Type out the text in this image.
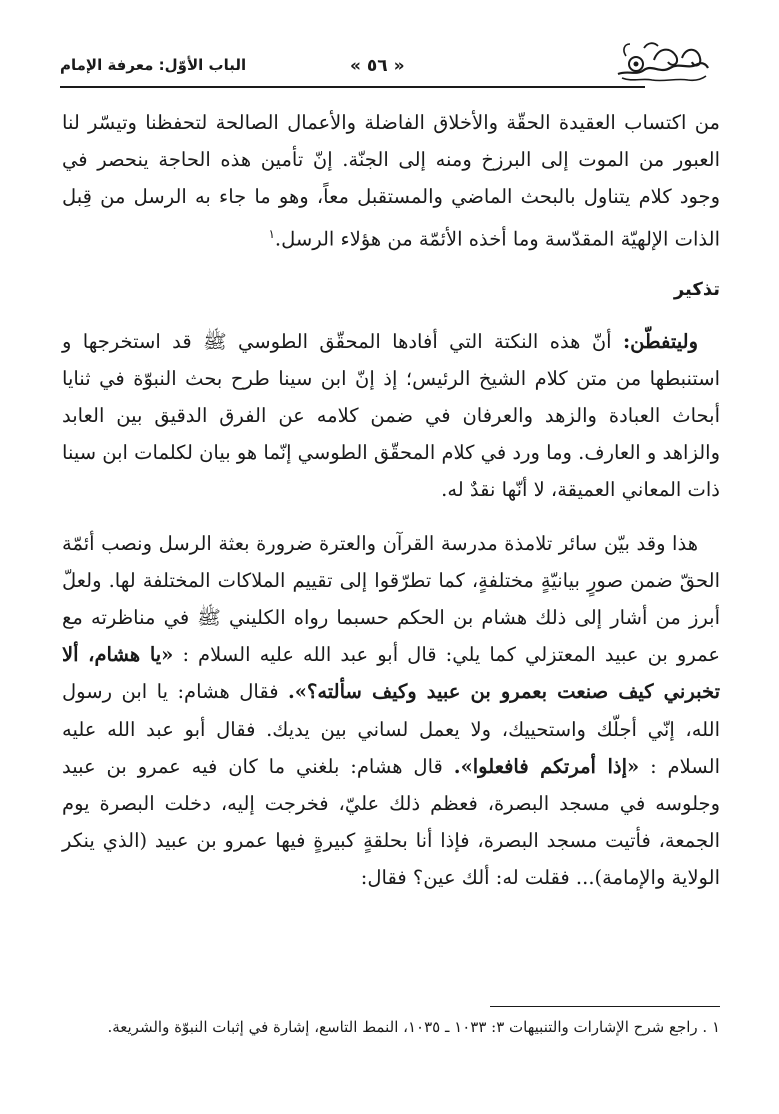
« ٥٦ »
الباب الأوّل: معرفة الإمام

من اكتساب العقيدة الحقّة والأخلاق الفاضلة والأعمال الصالحة لتحفظنا وتيسّر لنا العبور من الموت إلى البرزخ ومنه إلى الجنّة. إنّ تأمين هذه الحاجة ينحصر في وجود كلام يتناول بالبحث الماضي والمستقبل معاً، وهو ما جاء به الرسل من قِبل الذات الإلهيّة المقدّسة وما أخذه الأئمّة من هؤلاء الرسل.$^١$

تذكير

وليتفطّن: أنّ هذه النكتة التي أفادها المحقّق الطوسي ﷺ قد استخرجها و استنبطها من متن كلام الشيخ الرئيس؛ إذ إنّ ابن سينا طرح بحث النبوّة في ثنايا أبحاث العبادة والزهد والعرفان في ضمن كلامه عن الفرق الدقيق بين العابد والزاهد و العارف. وما ورد في كلام المحقّق الطوسي إنّما هو بيان لكلمات ابن سينا ذات المعاني العميقة، لا أنّها نقدٌ له.

هذا وقد بيّن سائر تلامذة مدرسة القرآن والعترة ضرورة بعثة الرسل ونصب أئمّة الحقّ ضمن صورٍ بيانيّةٍ مختلفةٍ، كما تطرّقوا إلى تقييم الملاكات المختلفة لها. ولعلّ أبرز من أشار إلى ذلك هشام بن الحكم حسبما رواه الكليني ﷺ في مناظرته مع عمرو بن عبيد المعتزلي كما يلي: قال أبو عبد الله عليه السلام : «يا هشام، ألا تخبرني كيف صنعت بعمرو بن عبيد وكيف سألته؟». فقال هشام: يا ابن رسول الله، إنّي أجلّك واستحييك، ولا يعمل لساني بين يديك. فقال أبو عبد الله عليه السلام : «إذا أمرتكم فافعلوا». قال هشام: بلغني ما كان فيه عمرو بن عبيد وجلوسه في مسجد البصرة، فعظم ذلك عليّ، فخرجت إليه، دخلت البصرة يوم الجمعة، فأتيت مسجد البصرة، فإذا أنا بحلقةٍ كبيرةٍ فيها عمرو بن عبيد (الذي ينكر الولاية والإمامة)... فقلت له: ألك عين؟ فقال:

١ . راجع شرح الإشارات والتنبيهات ٣: ١٠٣٣ ـ ١٠٣٥، النمط التاسع، إشارة في إثبات النبوّة والشريعة.
